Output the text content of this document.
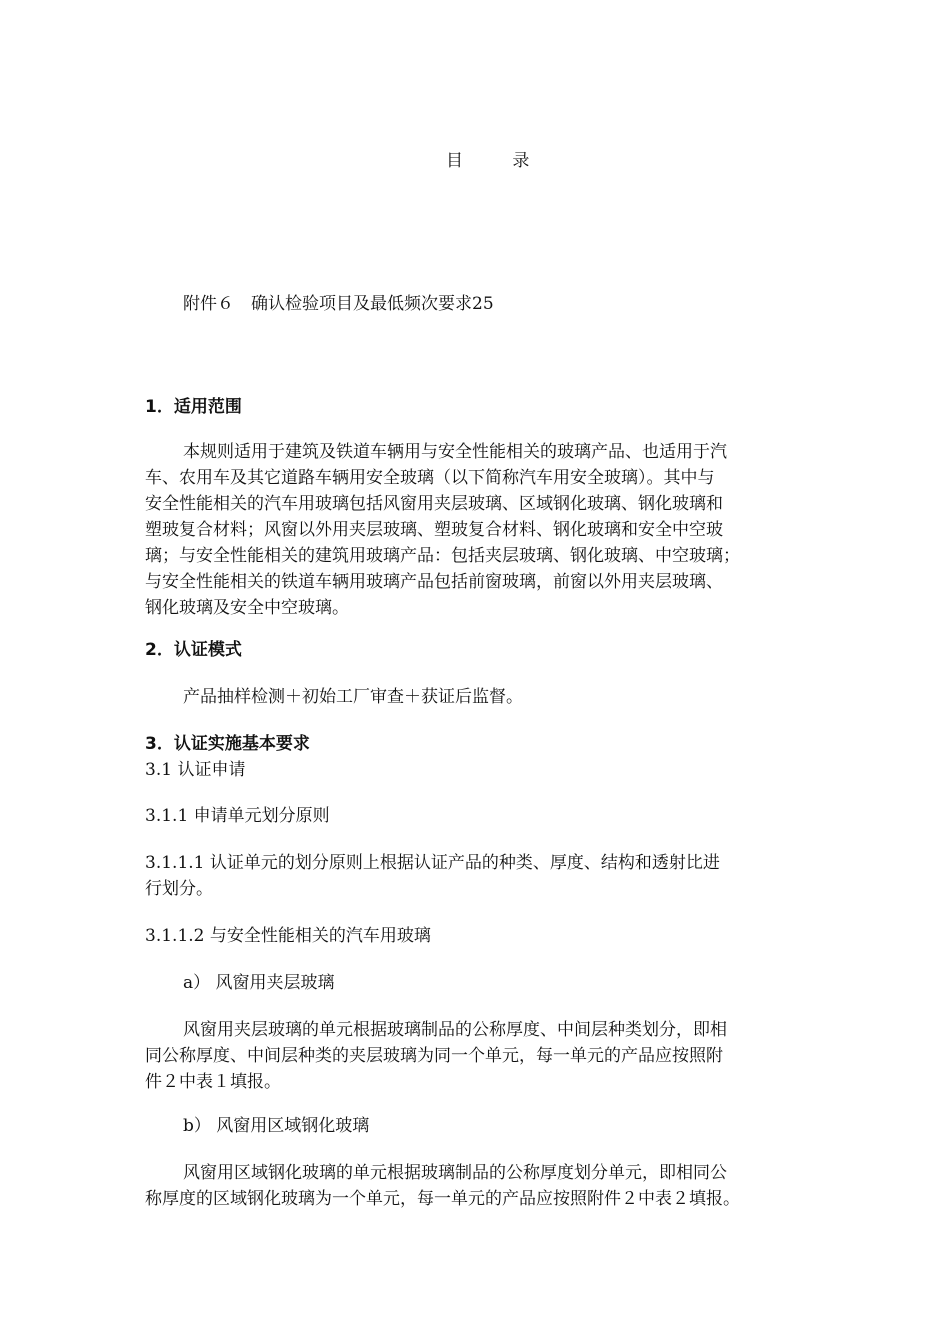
目 录
附件６　确认检验项目及最低频次要求25
1．适用范围
本规则适用于建筑及铁道车辆用与安全性能相关的玻璃产品、也适用于汽
车、农用车及其它道路车辆用安全玻璃（以下简称汽车用安全玻璃）。其中与
安全性能相关的汽车用玻璃包括风窗用夹层玻璃、区域钢化玻璃、钢化玻璃和
塑玻复合材料；风窗以外用夹层玻璃、塑玻复合材料、钢化玻璃和安全中空玻
璃；与安全性能相关的建筑用玻璃产品：包括夹层玻璃、钢化玻璃、中空玻璃；
与安全性能相关的铁道车辆用玻璃产品包括前窗玻璃，前窗以外用夹层玻璃、
钢化玻璃及安全中空玻璃。
2．认证模式
产品抽样检测＋初始工厂审查＋获证后监督。
3．认证实施基本要求
3.1 认证申请
3.1.1 申请单元划分原则
3.1.1.1 认证单元的划分原则上根据认证产品的种类、厚度、结构和透射比进
行划分。
3.1.1.2 与安全性能相关的汽车用玻璃
a） 风窗用夹层玻璃
风窗用夹层玻璃的单元根据玻璃制品的公称厚度、中间层种类划分，即相
同公称厚度、中间层种类的夹层玻璃为同一个单元，每一单元的产品应按照附
件２中表１填报。
b） 风窗用区域钢化玻璃
风窗用区域钢化玻璃的单元根据玻璃制品的公称厚度划分单元，即相同公
称厚度的区域钢化玻璃为一个单元，每一单元的产品应按照附件２中表２填报。
